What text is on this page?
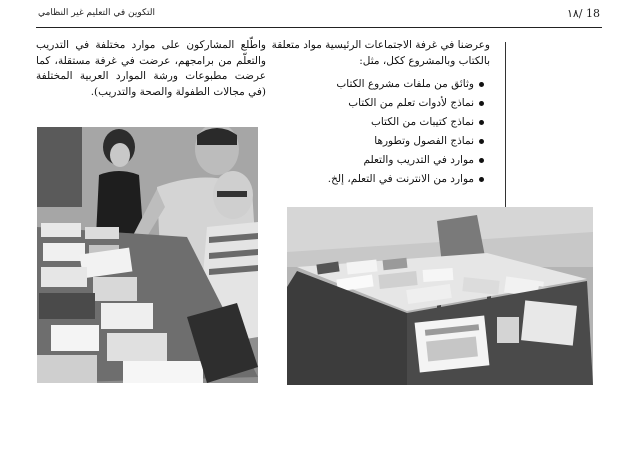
التكوين في التعليم غير النظامي	١٨/ 18

وعرضنا في غرفة الاجتماعات الرئيسية مواد متعلقة بالكتاب وبالمشروع ككل، مثل:

وثائق من ملفات مشروع الكتاب
نماذج لأدوات تعلم من الكتاب
نماذج كتيبات من الكتاب
نماذج الفصول وتطورها
موارد في التدريب والتعلم
موارد من الانترنت في التعلم، إلخ.

واطّلع المشاركون على موارد مختلفة في التدريب والتعلّم من برامجهم، عرضت في غرفة مستقلة، كما عرضت مطبوعات ورشة الموارد العربية المختلفة (في مجالات الطفولة والصحة والتدريب).
